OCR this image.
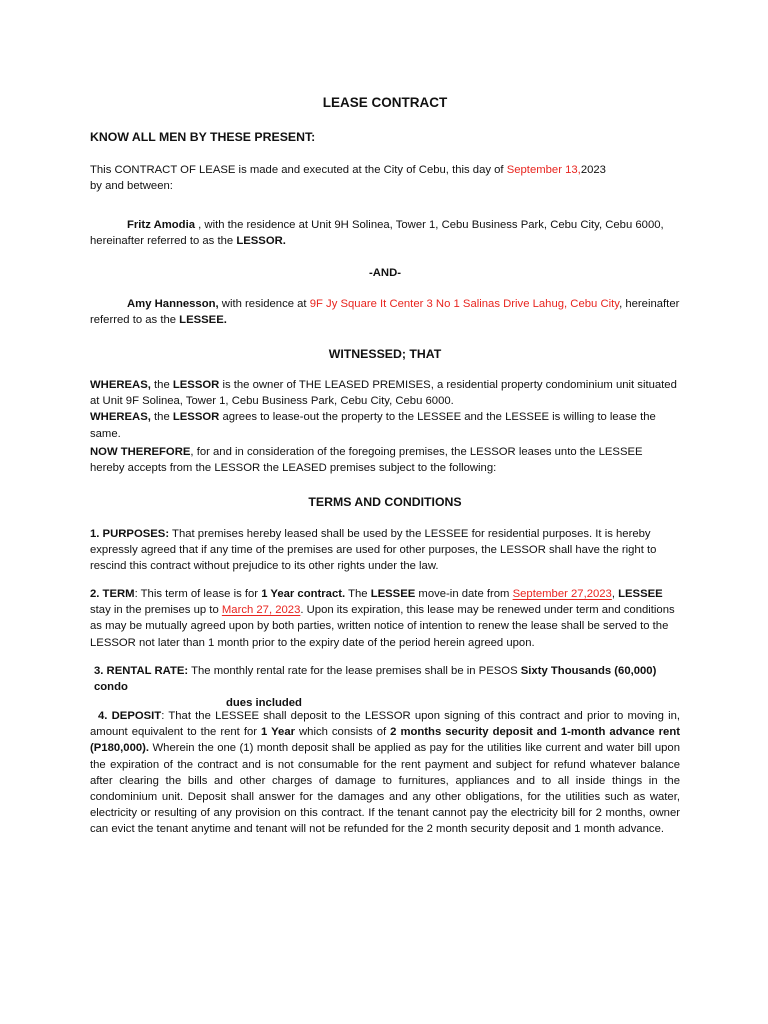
LEASE CONTRACT

KNOW ALL MEN BY THESE PRESENT:

This CONTRACT OF LEASE is made and executed at the City of Cebu, this day of September 13,2023
by and between:

Fritz Amodia , with the residence at Unit 9H Solinea, Tower 1, Cebu Business Park, Cebu City, Cebu 6000, hereinafter referred to as the LESSOR.

-AND-

Amy Hannesson, with residence at 9F Jy Square It Center 3 No 1 Salinas Drive Lahug, Cebu City, hereinafter referred to as the LESSEE.

WITNESSED; THAT

WHEREAS, the LESSOR is the owner of THE LEASED PREMISES, a residential property condominium unit situated at Unit 9F Solinea, Tower 1, Cebu Business Park, Cebu City, Cebu 6000.
WHEREAS, the LESSOR agrees to lease-out the property to the LESSEE and the LESSEE is willing to lease the same.

NOW THEREFORE, for and in consideration of the foregoing premises, the LESSOR leases unto the LESSEE hereby accepts from the LESSOR the LEASED premises subject to the following:

TERMS AND CONDITIONS

1. PURPOSES: That premises hereby leased shall be used by the LESSEE for residential purposes. It is hereby expressly agreed that if any time of the premises are used for other purposes, the LESSOR shall have the right to rescind this contract without prejudice to its other rights under the law.

2. TERM: This term of lease is for 1 Year contract. The LESSEE move-in date from September 27,2023, LESSEE stay in the premises up to March 27, 2023. Upon its expiration, this lease may be renewed under term and conditions as may be mutually agreed upon by both parties, written notice of intention to renew the lease shall be served to the LESSOR not later than 1 month prior to the expiry date of the period herein agreed upon.

3. RENTAL RATE: The monthly rental rate for the lease premises shall be in PESOS Sixty Thousands (60,000) condo
dues included

4. DEPOSIT: That the LESSEE shall deposit to the LESSOR upon signing of this contract and prior to moving in, amount equivalent to the rent for 1 Year which consists of 2 months security deposit and 1-month advance rent (P180,000). Wherein the one (1) month deposit shall be applied as pay for the utilities like current and water bill upon the expiration of the contract and is not consumable for the rent payment and subject for refund whatever balance after clearing the bills and other charges of damage to furnitures, appliances and to all inside things in the condominium unit. Deposit shall answer for the damages and any other obligations, for the utilities such as water, electricity or resulting of any provision on this contract. If the tenant cannot pay the electricity bill for 2 months, owner can evict the tenant anytime and tenant will not be refunded for the 2 month security deposit and 1 month advance.
